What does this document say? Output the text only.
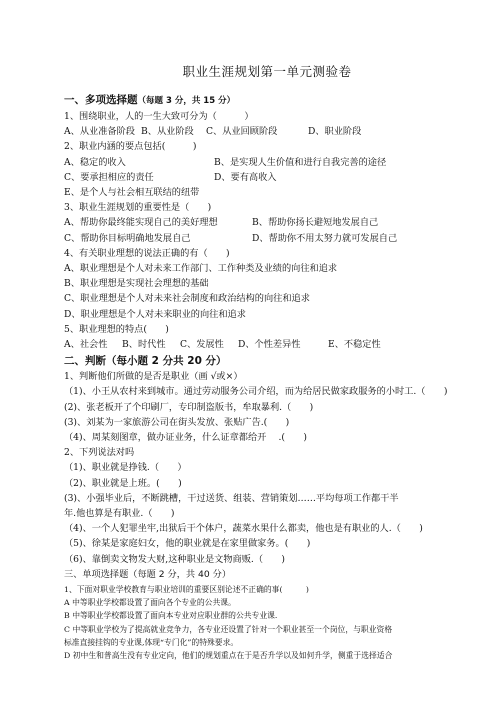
职业生涯规划第一单元测验卷
一、多项选择题（每题 3 分，共 15 分）
1、围绕职业，人的一生大致可分为（　　　）
A、从业准备阶段 B、从业阶段	C、从业回顾阶段	D、职业阶段
2、职业内涵的要点包括(　　　)
A、稳定的收入	B、是实现人生价值和进行自我完善的途径
C、要承担相应的责任	D、要有高收入
E、是个人与社会相互联结的纽带
3、职业生涯规划的重要性是（　　)
A、帮助你最终能实现自己的美好理想	B、帮助你扬长避短地发展自己
C、帮助你目标明确地发展自己	D、帮助你不用太努力就可发展自己
4、有关职业理想的说法正确的有（　　)
A、职业理想是个人对未来工作部门、工作种类及业绩的向往和追求
B、职业理想是实现社会理想的基础
C、职业理想是个人对未来社会制度和政治结构的向往和追求
D、职业理想是个人对未来职业的向往和追求
5、职业理想的特点(　　)
A、社会性	B、时代性	C、发展性	D、个性差异性	E、不稳定性
二、判断（每小题 2 分共 20 分）
1、判断他们所做的是否是职业（画 √或×）
（1)、小王从农村来到城市。通过劳动服务公司介绍，而为给居民做家政服务的小时工.（　　)
(2)、张老板开了个印刷厂，专印制盗版书，牟取暴利.（　　)
(3)、刘某为一家旅游公司在街头发放、张贴广告.(　　)
（4)、周某刻图章，做办证业务，什么证章都给开 　.(　　)
2、下列说法对吗
（1)、职业就是挣钱.（　　）
（2)、职业就是上班。(　　)
(3)、小强毕业后，不断跳槽，干过送货、组装、营销策划……平均每项工作都干半
年.他也算是有职业.（　　)
（4)、一个人犯罪坐牢,出狱后干个体户，蔬菜水果什么都卖，他也是有职业的人.（　　)
（5)、徐某是家庭妇女，他的职业就是在家里做家务。(　　)
（6)、靠倒卖文物发大财,这种职业是文物商贩.（　　)
三、单项选择题（每题 2 分，共 40 分）
1、下面对职业学校教育与职业培训的重要区别论述不正确的事(　　　)
A 中等职业学校都设置了面向各个专业的公共课。
B 中等职业学校都设置了面向本专业对应职业群的公共专业课.
C 中等职业学校为了提高就业竞争力，各专业还设置了针对一个职业甚至一个岗位，与职业资格
标准直接挂钩的专业课,体现“专门化”的特殊要求。
D 初中生和普高生没有专业定向，他们的规划重点在于是否升学以及如何升学，侧重于选择适合
